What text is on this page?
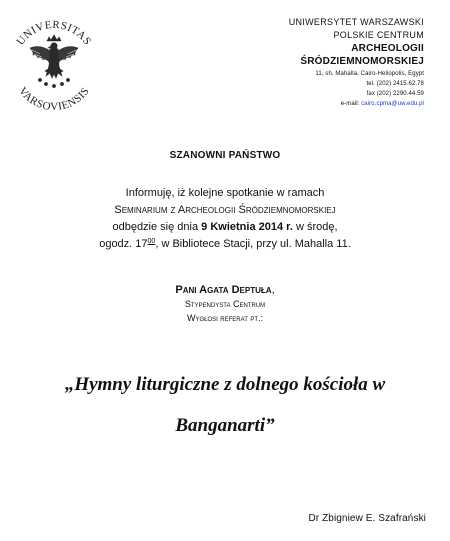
UNIVERSITAS
VARSOVIENSIS
UNIWERSYTET WARSZAWSKI
POLSKIE CENTRUM
ARCHEOLOGII
ŚRÓDZIEMNOMORSKIEJ
11, sh. Mahalla, Cairo-Heliopolis, Egypt
tel. (202) 2415.62.78
fax (202) 2290.44.59
e-mail: cairo.cpma@uw.edu.pl
SZANOWNI PAŃSTWO
Informuję, iż kolejne spotkanie w ramach
Seminarium z Archeologii Śródziemnomorskiej
odbędzie się dnia 9 Kwietnia 2014 r. w środę,
ogodz. $17^{00}$, w Bibliotece Stacji, przy ul. Mahalla 11.
Pani Agata Deptuła,
Stypendysta Centrum
Wygłosi referat pt.:
„Hymny liturgiczne z dolnego kościoła w
Banganarti”
Dr Zbigniew E. Szafrański
